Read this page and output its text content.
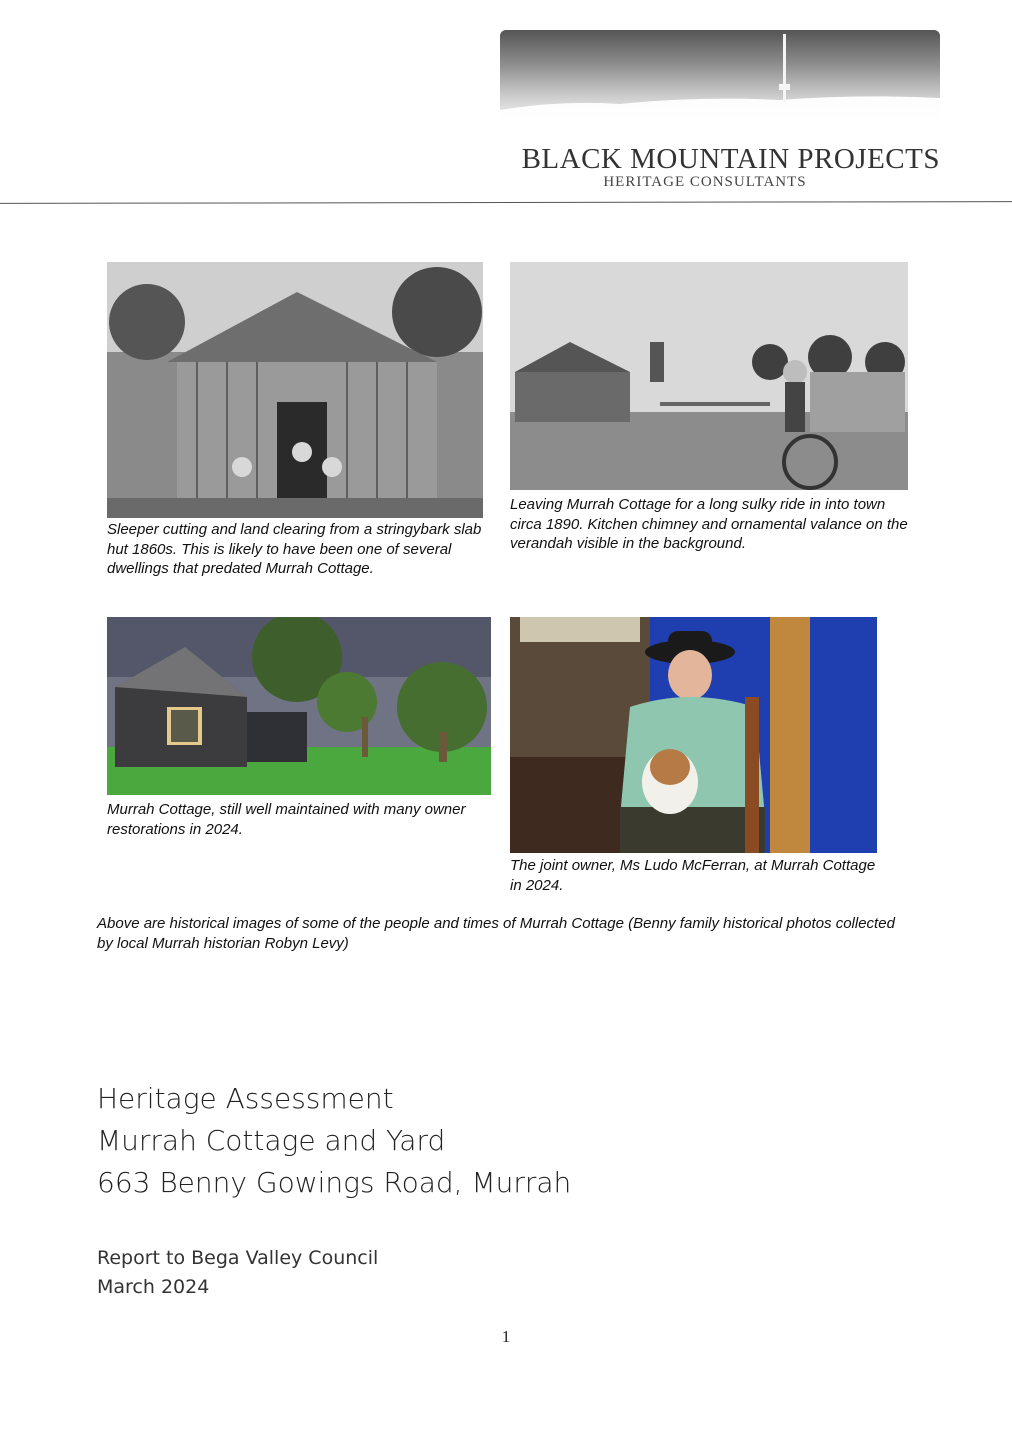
BLACK MOUNTAIN PROJECTS
HERITAGE CONSULTANTS
Sleeper cutting and land clearing from a stringybark slab hut 1860s. This is likely to have been one of several dwellings that predated Murrah Cottage.
Leaving Murrah Cottage for a long sulky ride in into town circa 1890. Kitchen chimney and ornamental valance on the verandah visible in the background.
Murrah Cottage, still well maintained with many owner restorations in 2024.
The joint owner, Ms Ludo McFerran, at Murrah Cottage in 2024.
Above are historical images of some of the people and times of Murrah Cottage (Benny family historical photos collected by local Murrah historian Robyn Levy)
Heritage Assessment
Murrah Cottage and Yard
663 Benny Gowings Road, Murrah
Report to Bega Valley Council
March 2024
1
